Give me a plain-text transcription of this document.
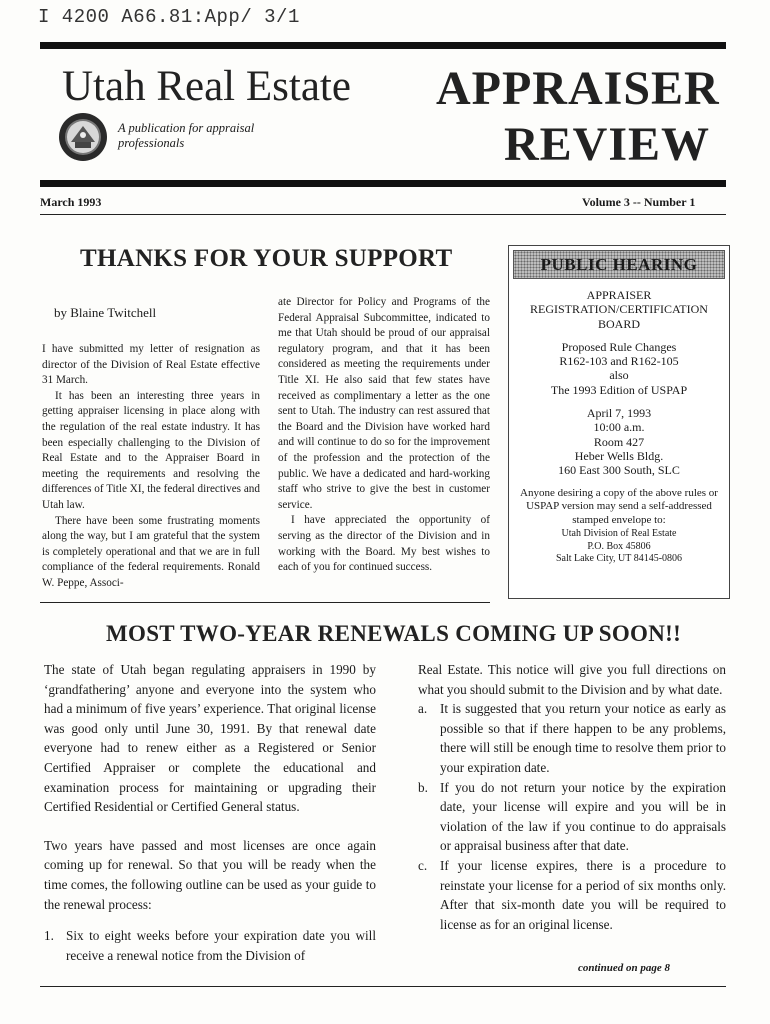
I 4200 A66.81:App/ 3/1
Utah Real Estate APPRAISER
REVIEW
A publication for appraisal professionals
March 1993	Volume 3 -- Number 1
THANKS FOR YOUR SUPPORT
by Blaine Twitchell

I have submitted my letter of resignation as director of the Division of Real Estate effective 31 March.

It has been an interesting three years in getting appraiser licensing in place along with the regulation of the real estate industry. It has been especially challenging to the Division of Real Estate and to the Appraiser Board in meeting the requirements and resolving the differences of Title XI, the federal directives and Utah law.

There have been some frustrating moments along the way, but I am grateful that the system is completely operational and that we are in full compliance of the federal requirements. Ronald W. Peppe, Associ-

ate Director for Policy and Programs of the Federal Appraisal Subcommittee, indicated to me that Utah should be proud of our appraisal regulatory program, and that it has been considered as meeting the requirements under Title XI. He also said that few states have received as complimentary a letter as the one sent to Utah. The industry can rest assured that the Board and the Division have worked hard and will continue to do so for the improvement of the profession and the protection of the public. We have a dedicated and hard-working staff who strive to give the best in customer service.

I have appreciated the opportunity of serving as the director of the Division and in working with the Board. My best wishes to each of you for continued success.

PUBLIC HEARING
APPRAISER
REGISTRATION/CERTIFICATION
BOARD
Proposed Rule Changes
R162-103 and R162-105
also
The 1993 Edition of USPAP
April 7, 1993
10:00 a.m.
Room 427
Heber Wells Bldg.
160 East 300 South, SLC
Anyone desiring a copy of the above rules or USPAP version may send a self-addressed stamped envelope to:
Utah Division of Real Estate
P.O. Box 45806
Salt Lake City, UT 84145-0806
MOST TWO-YEAR RENEWALS COMING UP SOON!!

The state of Utah began regulating appraisers in 1990 by ‘grandfathering’ anyone and everyone into the system who had a minimum of five years’ experience. That original license was good only until June 30, 1991. By that renewal date everyone had to renew either as a Registered or Senior Certified Appraiser or complete the educational and examination process for maintaining or upgrading their Certified Residential or Certified General status.

Two years have passed and most licenses are once again coming up for renewal. So that you will be ready when the time comes, the following outline can be used as your guide to the renewal process:

1. Six to eight weeks before your expiration date you will receive a renewal notice from the Division of

Real Estate. This notice will give you full directions on what you should submit to the Division and by what date.

a. It is suggested that you return your notice as early as possible so that if there happen to be any problems, there will still be enough time to resolve them prior to your expiration date.
b. If you do not return your notice by the expiration date, your license will expire and you will be in violation of the law if you continue to do appraisals or appraisal business after that date.
c. If your license expires, there is a procedure to reinstate your license for a period of six months only. After that six-month date you will be required to license as for an original license.
continued on page 8
